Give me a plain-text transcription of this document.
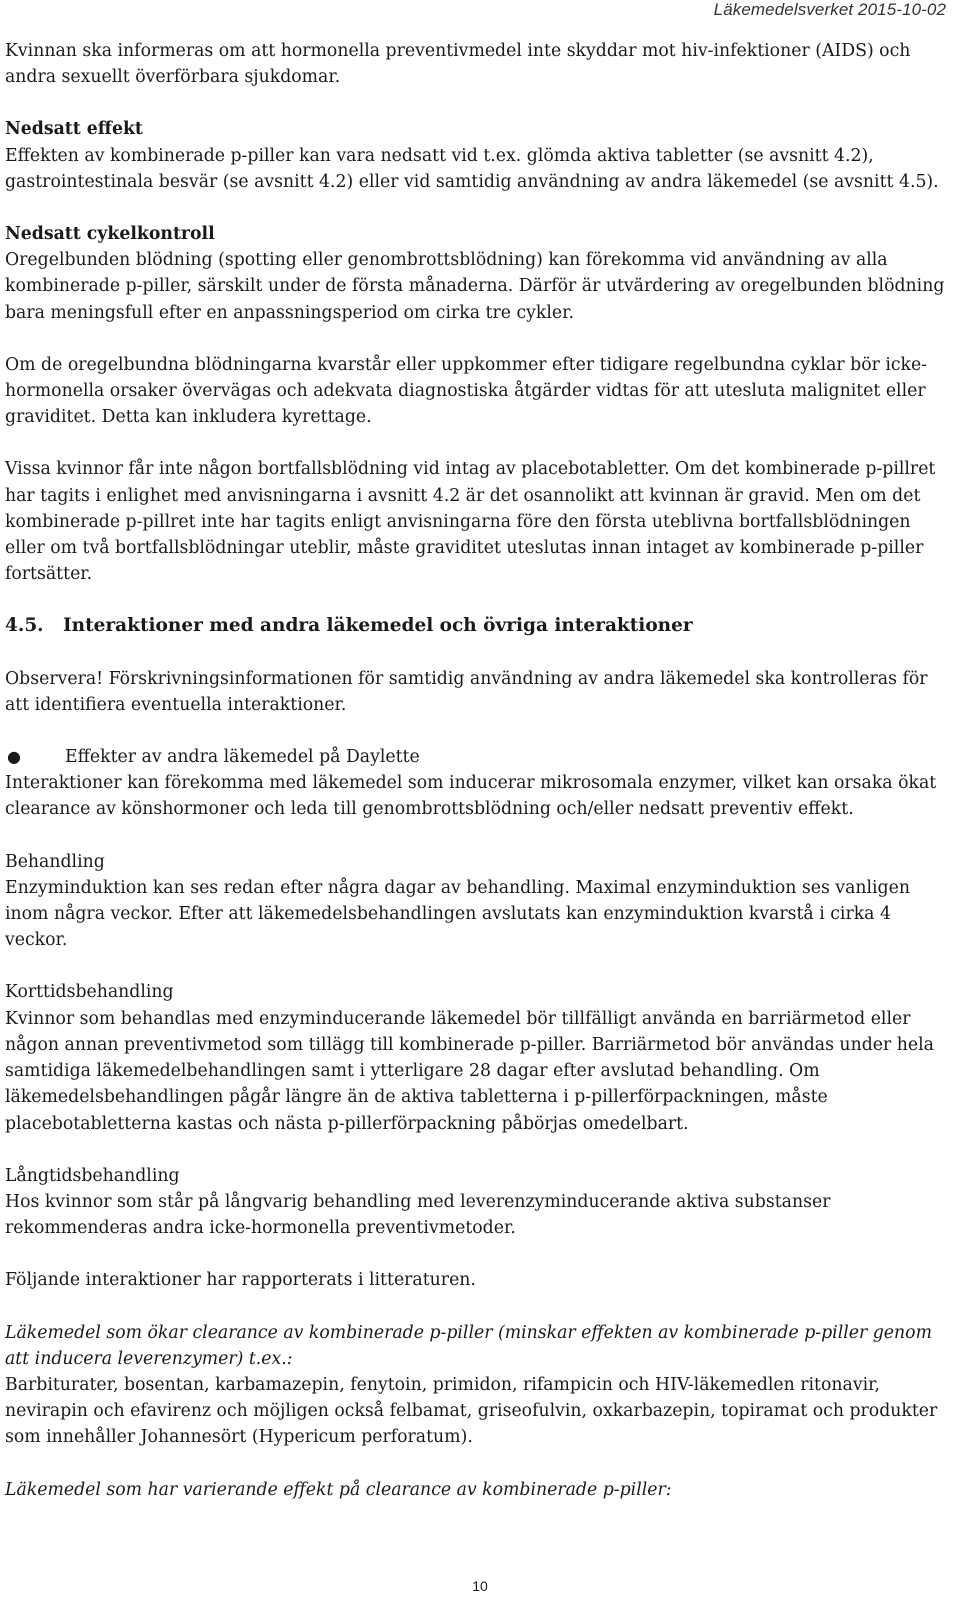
Läkemedelsverket 2015-10-02

Kvinnan ska informeras om att hormonella preventivmedel inte skyddar mot hiv-infektioner (AIDS) och andra sexuellt överförbara sjukdomar.

Nedsatt effekt
Effekten av kombinerade p-piller kan vara nedsatt vid t.ex. glömda aktiva tabletter (se avsnitt 4.2), gastrointestinala besvär (se avsnitt 4.2) eller vid samtidig användning av andra läkemedel (se avsnitt 4.5).

Nedsatt cykelkontroll
Oregelbunden blödning (spotting eller genombrottsblödning) kan förekomma vid användning av alla kombinerade p-piller, särskilt under de första månaderna. Därför är utvärdering av oregelbunden blödning bara meningsfull efter en anpassningsperiod om cirka tre cykler.

Om de oregelbundna blödningarna kvarstår eller uppkommer efter tidigare regelbundna cyklar bör icke-hormonella orsaker övervägas och adekvata diagnostiska åtgärder vidtas för att utesluta malignitet eller graviditet. Detta kan inkludera kyrettage.

Vissa kvinnor får inte någon bortfallsblödning vid intag av placebotabletter. Om det kombinerade p-pillret har tagits i enlighet med anvisningarna i avsnitt 4.2 är det osannolikt att kvinnan är gravid. Men om det kombinerade p-pillret inte har tagits enligt anvisningarna före den första uteblivna bortfallsblödningen eller om två bortfallsblödningar uteblir, måste graviditet uteslutas innan intaget av kombinerade p-piller fortsätter.

4.5.	Interaktioner med andra läkemedel och övriga interaktioner

Observera! Förskrivningsinformationen för samtidig användning av andra läkemedel ska kontrolleras för att identifiera eventuella interaktioner.

●	Effekter av andra läkemedel på Daylette

Interaktioner kan förekomma med läkemedel som inducerar mikrosomala enzymer, vilket kan orsaka ökat clearance av könshormoner och leda till genombrottsblödning och/eller nedsatt preventiv effekt.

Behandling
Enzyminduktion kan ses redan efter några dagar av behandling. Maximal enzyminduktion ses vanligen inom några veckor. Efter att läkemedelsbehandlingen avslutats kan enzyminduktion kvarstå i cirka 4 veckor.

Korttidsbehandling
Kvinnor som behandlas med enzyminducerande läkemedel bör tillfälligt använda en barriärmetod eller någon annan preventivmetod som tillägg till kombinerade p-piller. Barriärmetod bör användas under hela samtidiga läkemedelbehandlingen samt i ytterligare 28 dagar efter avslutad behandling. Om läkemedelsbehandlingen pågår längre än de aktiva tabletterna i p-pillerförpackningen, måste placebotabletterna kastas och nästa p-pillerförpackning påbörjas omedelbart.

Långtidsbehandling
Hos kvinnor som står på långvarig behandling med leverenzyminducerande aktiva substanser rekommenderas andra icke-hormonella preventivmetoder.

Följande interaktioner har rapporterats i litteraturen.

Läkemedel som ökar clearance av kombinerade p-piller (minskar effekten av kombinerade p-piller genom att inducera leverenzymer) t.ex.:
Barbiturater, bosentan, karbamazepin, fenytoin, primidon, rifampicin och HIV-läkemedlen ritonavir, nevirapin och efavirenz och möjligen också felbamat, griseofulvin, oxkarbazepin, topiramat och produkter som innehåller Johannesört (Hypericum perforatum).

Läkemedel som har varierande effekt på clearance av kombinerade p-piller:

10
